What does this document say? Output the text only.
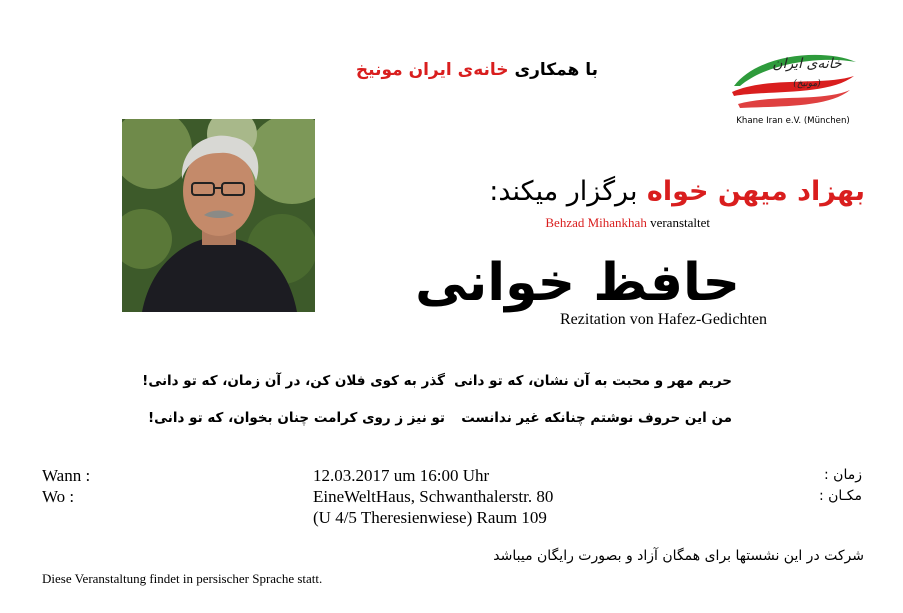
با همکاری خانه‌ی ایران مونیخ	خانه‌ی ایران
(مونیخ)
Khane Iran e.V. (München)
بهزاد میهن خواه برگزار میکند:
Behzad Mihankhah veranstaltet
حافظ خوانی
Rezitation von Hafez-Gedichten
حریم مهر و محبت به آن نشان، که تو دانی
گذر به کوی فلان کن، در آن زمان، که تو دانی!
من این حروف نوشتم چنانکه غیر ندانست
تو نیز ز روی کرامت چنان بخوان، که تو دانی!
Wann :	12.03.2017 um 16:00 Uhr	زمان :
Wo :	EineWeltHaus, Schwanthalerstr. 80	مکـان :
(U 4/5 Theresienwiese) Raum 109
شرکت در این نشستها برای همگان آزاد و بصورت رایگان میباشد
Diese Veranstaltung findet in persischer Sprache statt.
